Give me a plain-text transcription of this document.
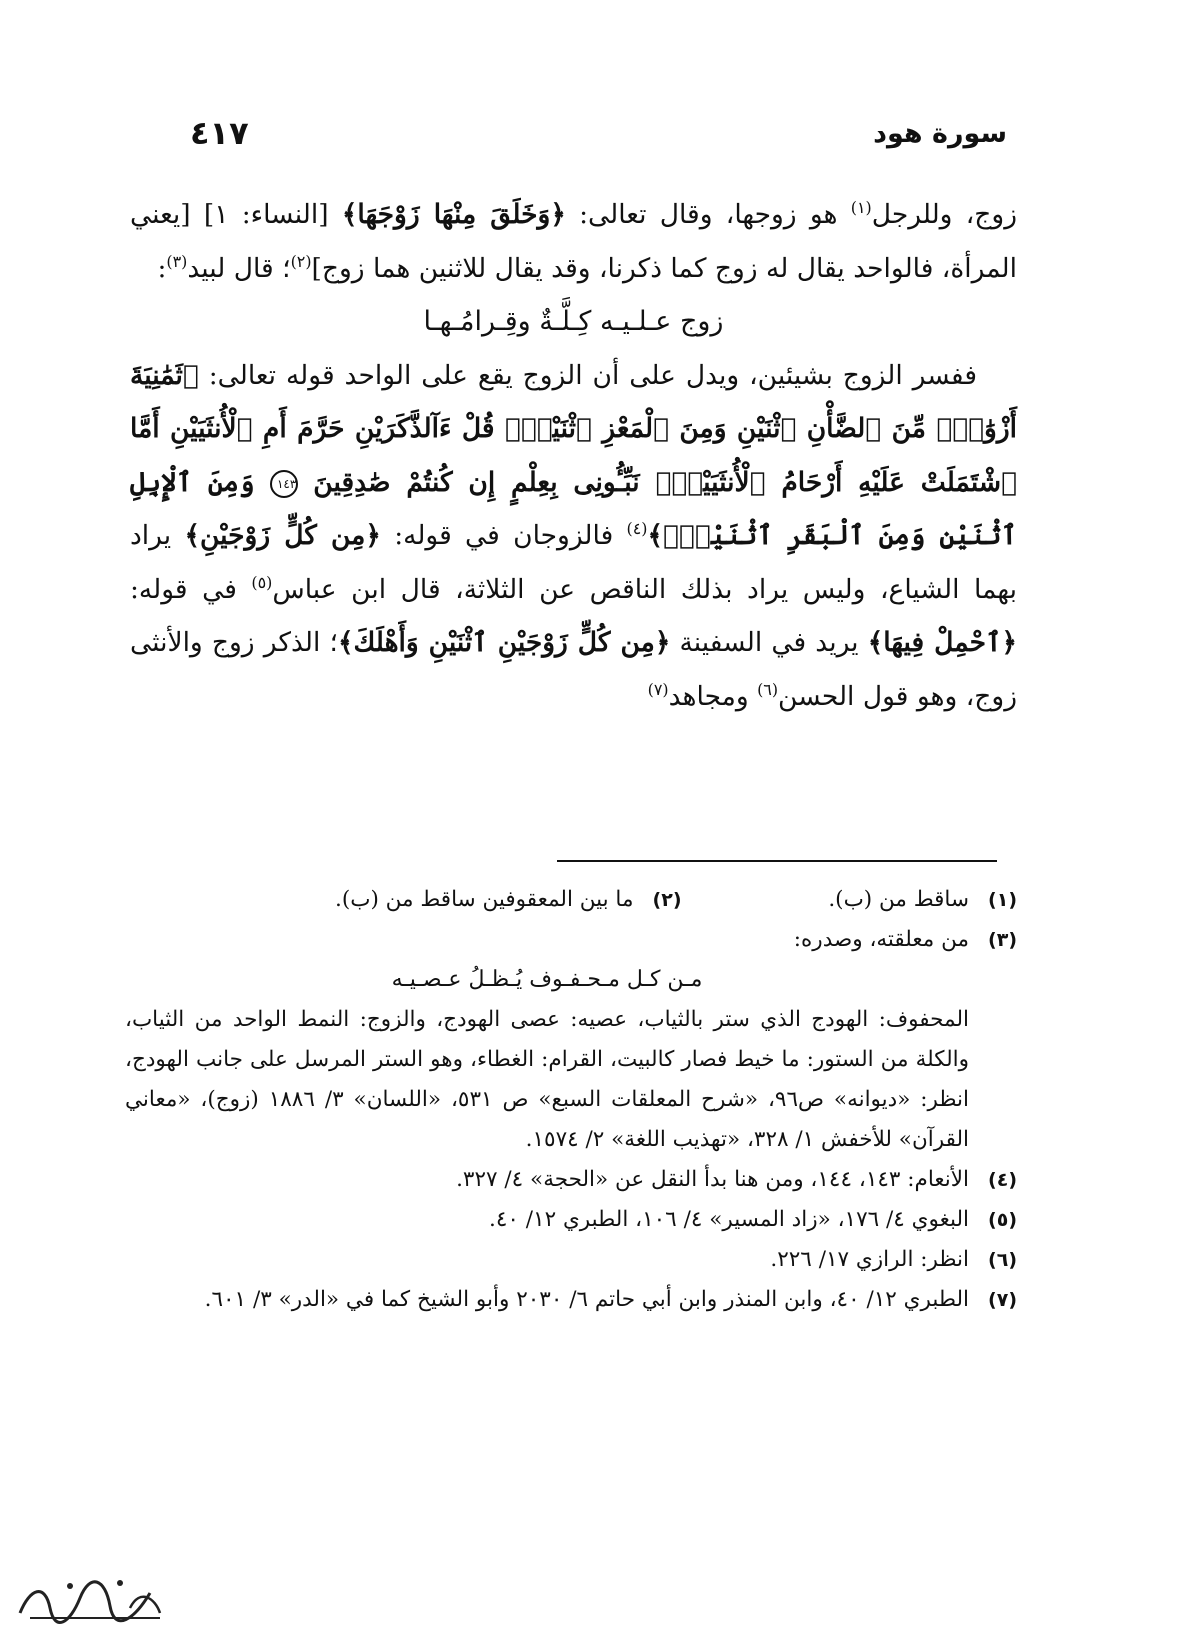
سورة هود
٤١٧

زوج، وللرجل$^{(١)}$ هو زوجها، وقال تعالى: ﴿وَخَلَقَ مِنْهَا زَوْجَهَا﴾ [النساء: ١] [يعني المرأة، فالواحد يقال له زوج كما ذكرنا، وقد يقال للاثنين هما زوج]$^{(٢)}$؛ قال لبيد$^{(٣)}$:

زوج عـلـيـه كِـلَّـةٌ وقِـرامُـهـا

ففسر الزوج بشيئين، ويدل على أن الزوج يقع على الواحد قوله تعالى: ﴿ثَمَٰنِيَةَ أَزْوَٰجٍۖ مِّنَ ٱلضَّأْنِ ٱثْنَيْنِ وَمِنَ ٱلْمَعْزِ ٱثْنَيْنِۗ قُلْ ءَآلذَّكَرَيْنِ حَرَّمَ أَمِ ٱلْأُنثَيَيْنِ أَمَّا ٱشْتَمَلَتْ عَلَيْهِ أَرْحَامُ ٱلْأُنثَيَيْنِۖ نَبِّـُٔونِى بِعِلْمٍ إِن كُنتُمْ صَٰدِقِينَ ١٤٣ وَمِنَ ٱلْإِبِلِ ٱثْنَيْنِ وَمِنَ ٱلْبَقَرِ ٱثْنَيْنِۗ﴾$^{(٤)}$ فالزوجان في قوله: ﴿مِن كُلٍّ زَوْجَيْنِ﴾ يراد بهما الشياع، وليس يراد بذلك الناقص عن الثلاثة، قال ابن عباس$^{(٥)}$ في قوله: ﴿ٱحْمِلْ فِيهَا﴾ يريد في السفينة ﴿مِن كُلٍّ زَوْجَيْنِ ٱثْنَيْنِ وَأَهْلَكَ﴾؛ الذكر زوج والأنثى زوج، وهو قول الحسن$^{(٦)}$ ومجاهد$^{(٧)}$

(١)
ساقط من (ب).
(٢)
ما بين المعقوفين ساقط من (ب).
(٣)
من معلقته، وصدره:
مـن كـل مـحـفـوف يُـظـلُ عـصـيـه
المحفوف: الهودج الذي ستر بالثياب، عصيه: عصى الهودج، والزوج: النمط الواحد من الثياب، والكلة من الستور: ما خيط فصار كالبيت، القرام: الغطاء، وهو الستر المرسل على جانب الهودج، انظر: «ديوانه» ص٩٦، «شرح المعلقات السبع» ص ٥٣١، «اللسان» ٣/ ١٨٨٦ (زوج)، «معاني القرآن» للأخفش ١/ ٣٢٨، «تهذيب اللغة» ٢/ ١٥٧٤.
(٤)
الأنعام: ١٤٣، ١٤٤، ومن هنا بدأ النقل عن «الحجة» ٤/ ٣٢٧.
(٥)
البغوي ٤/ ١٧٦، «زاد المسير» ٤/ ١٠٦، الطبري ١٢/ ٤٠.
(٦)
انظر: الرازي ١٧/ ٢٢٦.
(٧)
الطبري ١٢/ ٤٠، وابن المنذر وابن أبي حاتم ٦/ ٢٠٣٠ وأبو الشيخ كما في «الدر» ٣/ ٦٠١.
